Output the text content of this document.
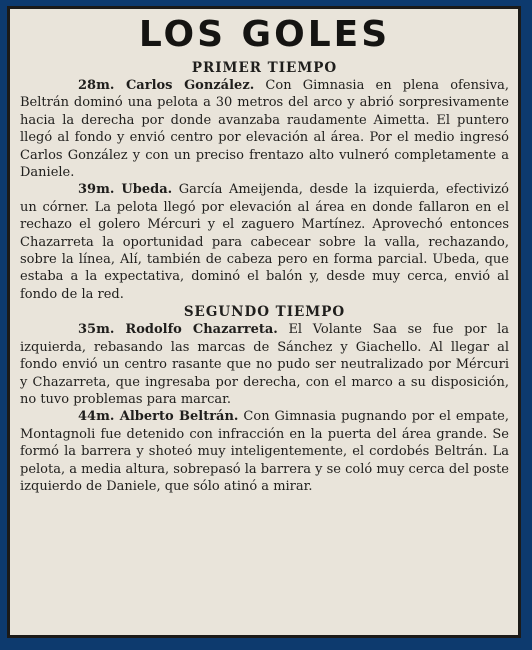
LOS GOLES
PRIMER TIEMPO

28m. Carlos González. Con Gimnasia en plena ofensiva, Beltrán dominó una pelota a 30 metros del arco y abrió sorpresivamente hacia la derecha por donde avanzaba raudamente Aimetta. El puntero llegó al fondo y envió centro por elevación al área. Por el medio ingresó Carlos González y con un preciso frentazo alto vulneró completamente a Daniele.

39m. Ubeda. García Ameijenda, desde la izquierda, efectivizó un córner. La pelota llegó por elevación al área en donde fallaron en el rechazo el golero Mércuri y el zaguero Martínez. Aprovechó entonces Chazarreta la oportunidad para cabecear sobre la valla, rechazando, sobre la línea, Alí, también de cabeza pero en forma parcial. Ubeda, que estaba a la expectativa, dominó el balón y, desde muy cerca, envió al fondo de la red.

SEGUNDO TIEMPO

35m. Rodolfo Chazarreta. El Volante Saa se fue por la izquierda, rebasando las marcas de Sánchez y Giachello. Al llegar al fondo envió un centro rasante que no pudo ser neutralizado por Mércuri y Chazarreta, que ingresaba por derecha, con el marco a su disposición, no tuvo problemas para marcar.

44m. Alberto Beltrán. Con Gimnasia pugnando por el empate, Montagnoli fue detenido con infracción en la puerta del área grande. Se formó la barrera y shoteó muy inteligentemente, el cordobés Beltrán. La pelota, a media altura, sobrepasó la barrera y se coló muy cerca del poste izquierdo de Daniele, que sólo atinó a mirar.
